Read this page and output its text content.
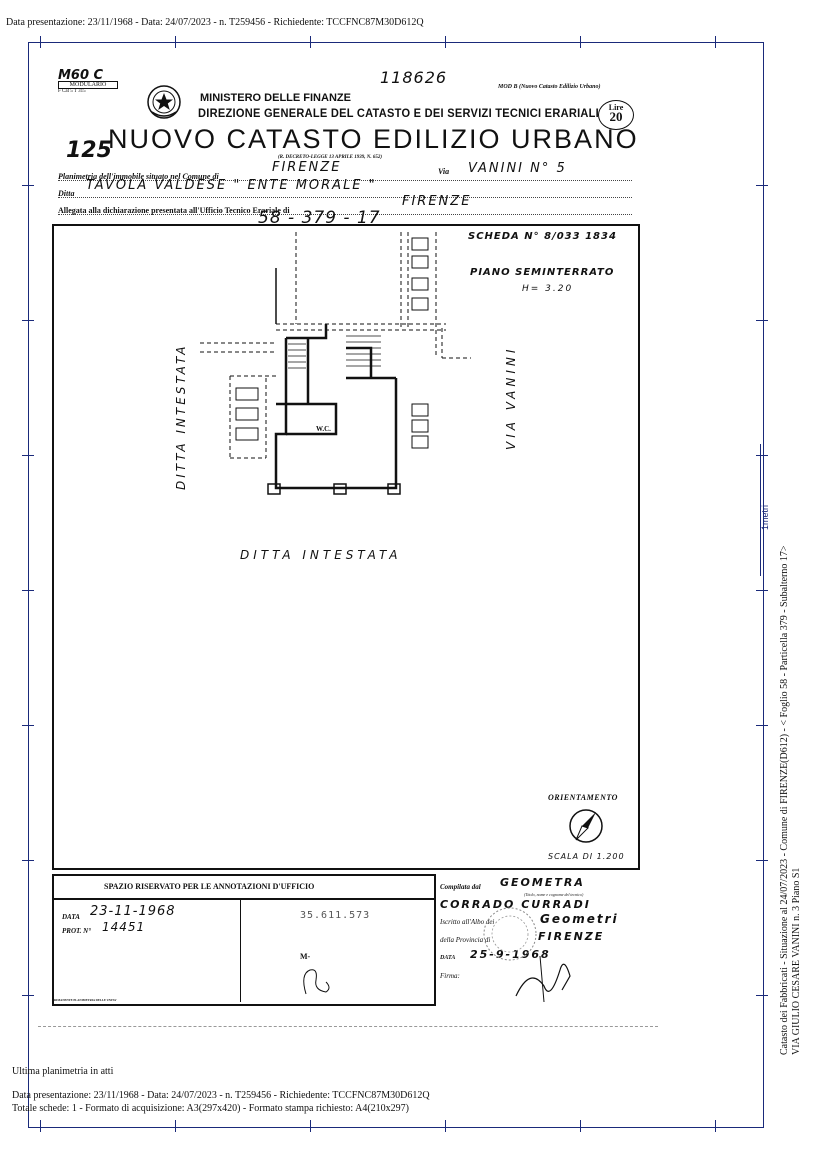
Data presentazione: 23/11/1968 - Data: 24/07/2023 - n. T259456 - Richiedente: TCCFNC87M30D612Q
1metri
Catasto dei Fabbricati - Situazione al 24/07/2023 - Comune di FIRENZE(D612) - < Foglio 58 - Particella 379 - Subalterno 17> VIA GIULIO CESARE VANINI n. 3 Piano S1
M60 C
MODULARIO
F Cat 5 T 315
MINISTERO DELLE FINANZE
118626	MOD B (Nuovo Catasto Edilizio Urbano)
DIREZIONE GENERALE DEL CATASTO E DEI SERVIZI TECNICI ERARIALI	Lire
20
125
NUOVO CATASTO EDILIZIO URBANO
(R. DECRETO-LEGGE 13 APRILE 1939, N. 652)
Planimetria dell'immobile situato nel Comune di
FIRENZE	Via VANINI N° 5
Ditta
TAVOLA VALDESE " ENTE MORALE "
Allegata alla dichiarazione presentata all'Ufficio Tecnico Erariale di
FIRENZE
58 - 379 - 17
SCHEDA N° 8/033 1834
PIANO SEMINTERRATO
H= 3.20
DITTA INTESTATA	VIA VANINI
DITTA INTESTATA
W.C.
ORIENTAMENTO
SCALA DI 1.200
SPAZIO RISERVATO PER LE ANNOTAZIONI D'UFFICIO
DATA 23-11-1968
PROT. N° 14451
35.611.573
M-
RIMANENTE PLANIMETRIA DELLE UNITA'
Compilata dal GEOMETRA
(Titolo, nome e cognome del tecnico)
CORRADO CURRADI
Iscritto all'Albo dei	Geometri
della Provincia di	FIRENZE
DATA 25-9-1968
Firma:
Ultima planimetria in atti
Data presentazione: 23/11/1968 - Data: 24/07/2023 - n. T259456 - Richiedente: TCCFNC87M30D612Q
Totale schede: 1 - Formato di acquisizione: A3(297x420) - Formato stampa richiesto: A4(210x297)
